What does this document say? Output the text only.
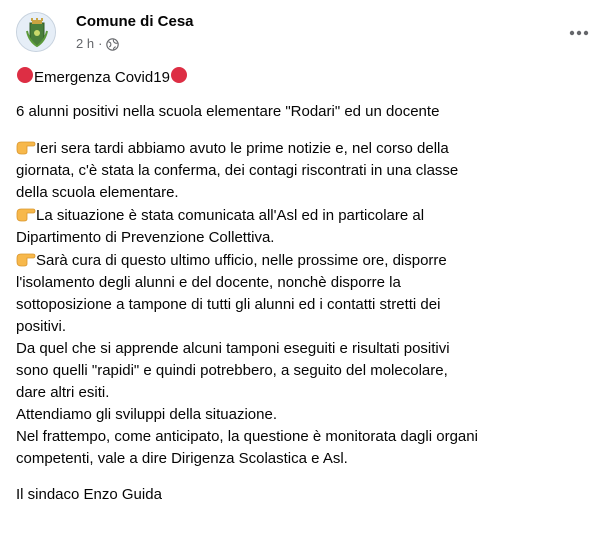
Comune di Cesa
2 h ·

Emergenza Covid19

6 alunni positivi nella scuola elementare "Rodari" ed un docente

Ieri sera tardi abbiamo avuto le prime notizie e, nel corso della
giornata, c'è stata la conferma, dei contagi riscontrati in una classe
della scuola elementare.

La situazione è stata comunicata all'Asl ed in particolare al
Dipartimento di Prevenzione Collettiva.

Sarà cura di questo ultimo ufficio, nelle prossime ore, disporre
l'isolamento degli alunni e del docente, nonchè disporre la
sottoposizione a tampone di tutti gli alunni ed i contatti stretti dei
positivi.

Da quel che si apprende alcuni tamponi eseguiti e risultati positivi
sono quelli "rapidi" e quindi potrebbero, a seguito del molecolare,
dare altri esiti.

Attendiamo gli sviluppi della situazione.

Nel frattempo, come anticipato, la questione è monitorata dagli organi
competenti, vale a dire Dirigenza Scolastica e Asl.

Il sindaco Enzo Guida
